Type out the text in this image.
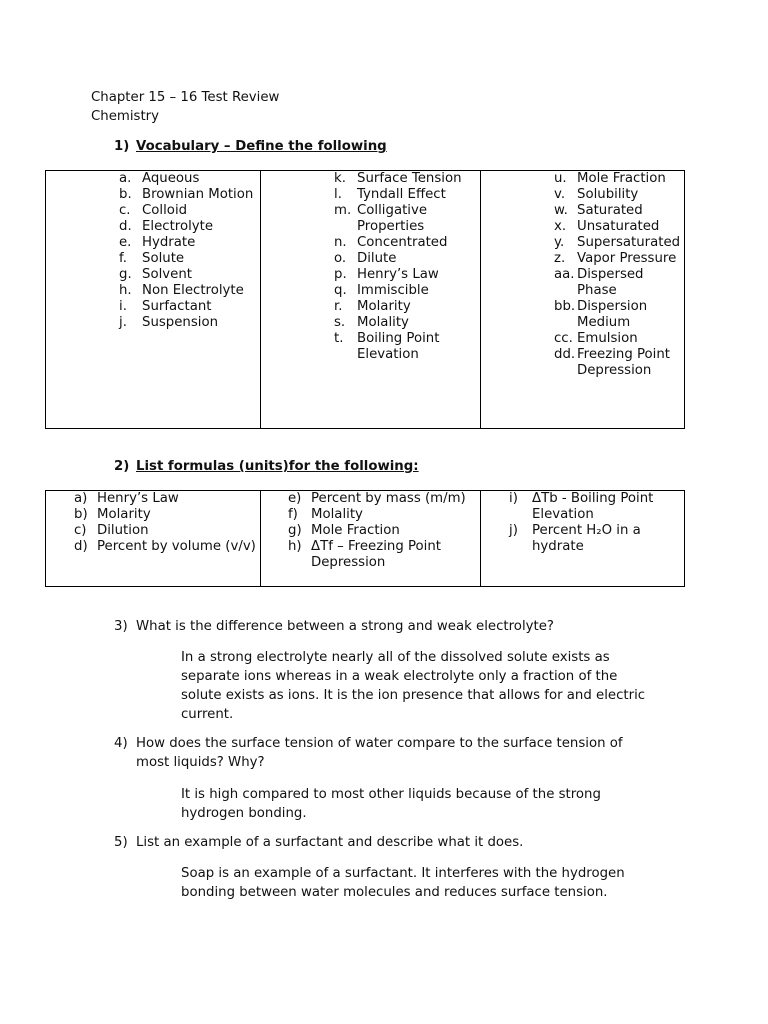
Chapter 15 – 16 Test Review
Chemistry
1) Vocabulary – Define the following
a. Aqueous
b. Brownian Motion
c. Colloid
d. Electrolyte
e. Hydrate
f.	Solute
g. Solvent
h. Non Electrolyte
i.	Surfactant
j.	Suspension

k. Surface Tension
l.	Tyndall Effect
m. Colligative Properties
n. Concentrated
o. Dilute
p. Henry’s Law
q. Immiscible
r.	Molarity
s. Molality
t.	Boiling Point Elevation

u. Mole Fraction
v. Solubility
w. Saturated
x. Unsaturated
y. Supersaturated
z. Vapor Pressure
aa. Dispersed Phase
bb. Dispersion Medium
cc. Emulsion
dd. Freezing Point Depression
2) List formulas (units)for the following:
a) Henry’s Law
b) Molarity
c) Dilution
d) Percent by volume (v/v)

e) Percent by mass (m/m)
f) Molality
g) Mole Fraction
h) ΔTf – Freezing Point Depression

i)	ΔTb - Boiling Point Elevation
j)	Percent H₂O in a hydrate
3) What is the difference between a strong and weak electrolyte?
In a strong electrolyte nearly all of the dissolved solute exists as separate ions whereas in a weak electrolyte only a fraction of the solute exists as ions. It is the ion presence that allows for and electric current.
4) How does the surface tension of water compare to the surface tension of most liquids? Why?
It is high compared to most other liquids because of the strong hydrogen bonding.
5) List an example of a surfactant and describe what it does.
Soap is an example of a surfactant. It interferes with the hydrogen bonding between water molecules and reduces surface tension.
